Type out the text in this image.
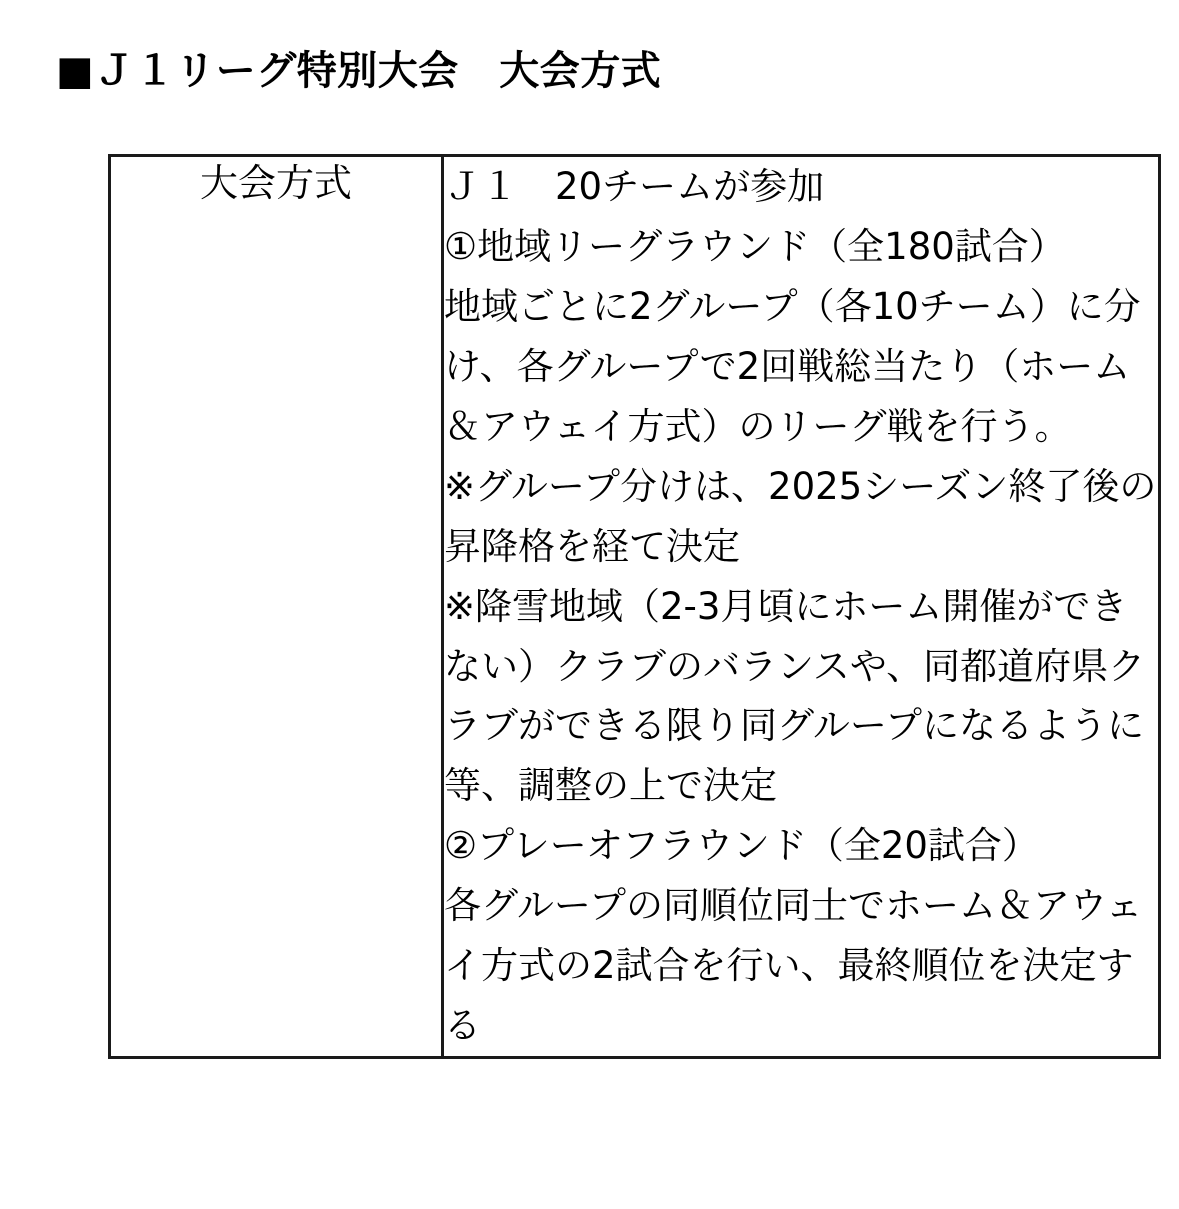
■Ｊ１リーグ特別大会　大会方式
大会方式	Ｊ１　20チームが参加
①地域リーグラウンド（全180試合）
地域ごとに2グループ（各10チーム）に分け、各グループで2回戦総当たり（ホーム＆アウェイ方式）のリーグ戦を行う。
※グループ分けは、2025シーズン終了後の昇降格を経て決定
※降雪地域（2-3月頃にホーム開催ができない）クラブのバランスや、同都道府県クラブができる限り同グループになるように等、調整の上で決定
②プレーオフラウンド（全20試合）
各グループの同順位同士でホーム＆アウェイ方式の2試合を行い、最終順位を決定する
